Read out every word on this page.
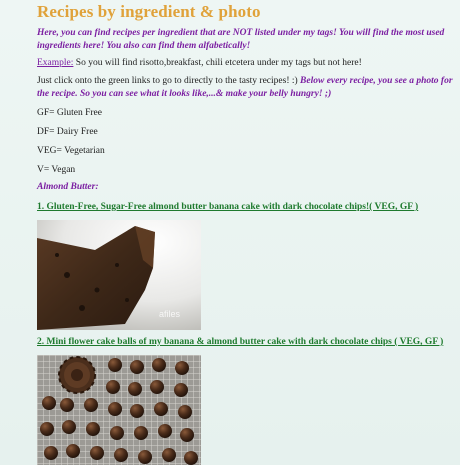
Recipes by ingredient & photo
Here, you can find recipes per ingredient that are NOT listed under my tags! You will find the most used ingredients here! You also can find them alfabetically!
Example: So you will find risotto,breakfast, chili etcetera under my tags but not here!
Just click onto the green links to go to directly to the tasty recipes! :) Below every recipe, you see a photo for the recipe. So you can see what it looks like,...& make your belly hungry! ;)
GF= Gluten Free
DF= Dairy Free
VEG= Vegetarian
V= Vegan
Almond Butter:
1. Gluten-Free, Sugar-Free almond butter banana cake with dark chocolate chips!( VEG, GF )
afiles
2. Mini flower cake balls of my banana & almond butter cake with dark chocolate chips ( VEG, GF )
